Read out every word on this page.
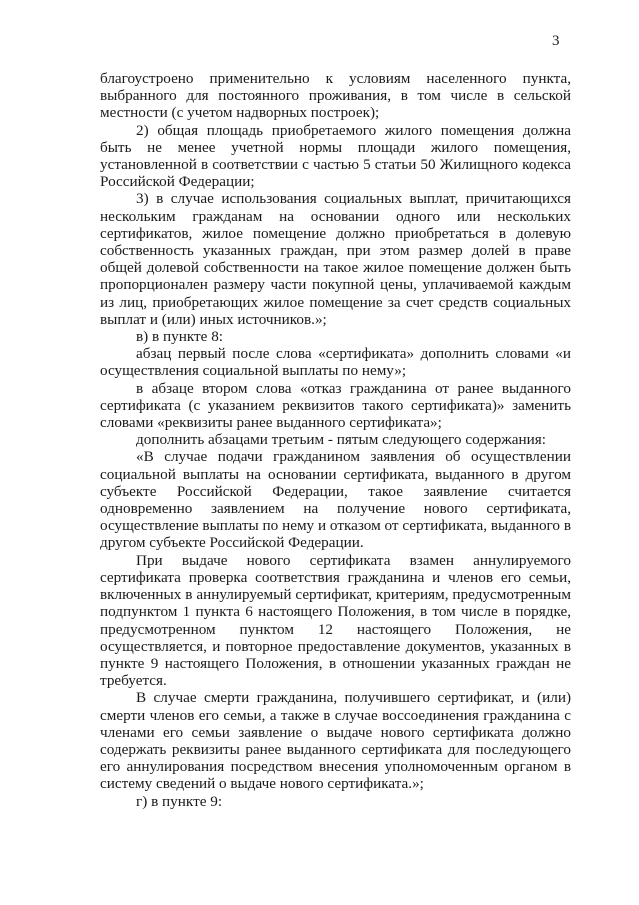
3

благоустроено применительно к условиям населенного пункта, выбранного для постоянного проживания, в том числе в сельской местности (с учетом надворных построек);

2) общая площадь приобретаемого жилого помещения должна быть не менее учетной нормы площади жилого помещения, установленной в соответствии с частью 5 статьи 50 Жилищного кодекса Российской Федерации;

3) в случае использования социальных выплат, причитающихся нескольким гражданам на основании одного или нескольких сертификатов, жилое помещение должно приобретаться в долевую собственность указанных граждан, при этом размер долей в праве общей долевой собственности на такое жилое помещение должен быть пропорционален размеру части покупной цены, уплачиваемой каждым из лиц, приобретающих жилое помещение за счет средств социальных выплат и (или) иных источников.»;

в) в пункте 8:

абзац первый после слова «сертификата» дополнить словами «и осуществления социальной выплаты по нему»;

в абзаце втором слова «отказ гражданина от ранее выданного сертификата (с указанием реквизитов такого сертификата)» заменить словами «реквизиты ранее выданного сертификата»;

дополнить абзацами третьим - пятым следующего содержания:

«В случае подачи гражданином заявления об осуществлении социальной выплаты на основании сертификата, выданного в другом субъекте Российской Федерации, такое заявление считается одновременно заявлением на получение нового сертификата, осуществление выплаты по нему и отказом от сертификата, выданного в другом субъекте Российской Федерации.

При выдаче нового сертификата взамен аннулируемого сертификата проверка соответствия гражданина и членов его семьи, включенных в аннулируемый сертификат, критериям, предусмотренным подпунктом 1 пункта 6 настоящего Положения, в том числе в порядке, предусмотренном пунктом 12 настоящего Положения, не осуществляется, и повторное предоставление документов, указанных в пункте 9 настоящего Положения, в отношении указанных граждан не требуется.

В случае смерти гражданина, получившего сертификат, и (или) смерти членов его семьи, а также в случае воссоединения гражданина с членами его семьи заявление о выдаче нового сертификата должно содержать реквизиты ранее выданного сертификата для последующего его аннулирования посредством внесения уполномоченным органом в систему сведений о выдаче нового сертификата.»;

г) в пункте 9:
